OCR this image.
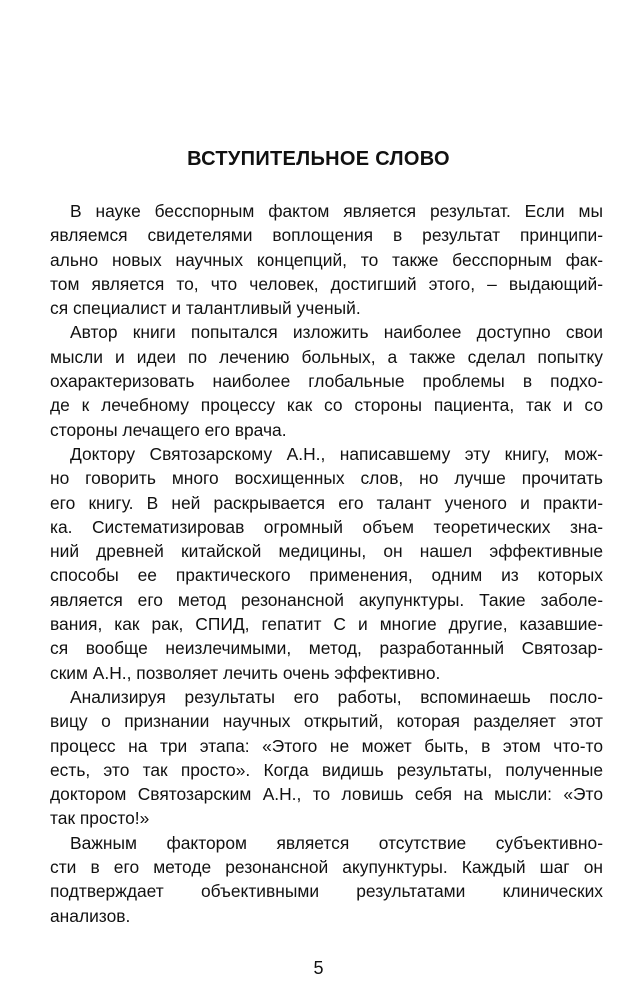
ВСТУПИТЕЛЬНОЕ СЛОВО
В науке бесспорным фактом является результат. Если мы
являемся свидетелями воплощения в результат принципи-
ально новых научных концепций, то также бесспорным фак-
том является то, что человек, достигший этого, – выдающий-
ся специалист и талантливый ученый.
Автор книги попытался изложить наиболее доступно свои
мысли и идеи по лечению больных, а также сделал попытку
охарактеризовать наиболее глобальные проблемы в подхо-
де к лечебному процессу как со стороны пациента, так и со
стороны лечащего его врача.
Доктору Святозарскому А.Н., написавшему эту книгу, мож-
но говорить много восхищенных слов, но лучше прочитать
его книгу. В ней раскрывается его талант ученого и практи-
ка. Систематизировав огромный объем теоретических зна-
ний древней китайской медицины, он нашел эффективные
способы ее практического применения, одним из которых
является его метод резонансной акупунктуры. Такие заболе-
вания, как рак, СПИД, гепатит С и многие другие, казавшие-
ся вообще неизлечимыми, метод, разработанный Святозар-
ским А.Н., позволяет лечить очень эффективно.
Анализируя результаты его работы, вспоминаешь посло-
вицу о признании научных открытий, которая разделяет этот
процесс на три этапа: «Этого не может быть, в этом что-то
есть, это так просто». Когда видишь результаты, полученные
доктором Святозарским А.Н., то ловишь себя на мысли: «Это
так просто!»
Важным фактором является отсутствие субъективно-
сти в его методе резонансной акупунктуры. Каждый шаг он
подтверждает объективными результатами клинических
анализов.
5
